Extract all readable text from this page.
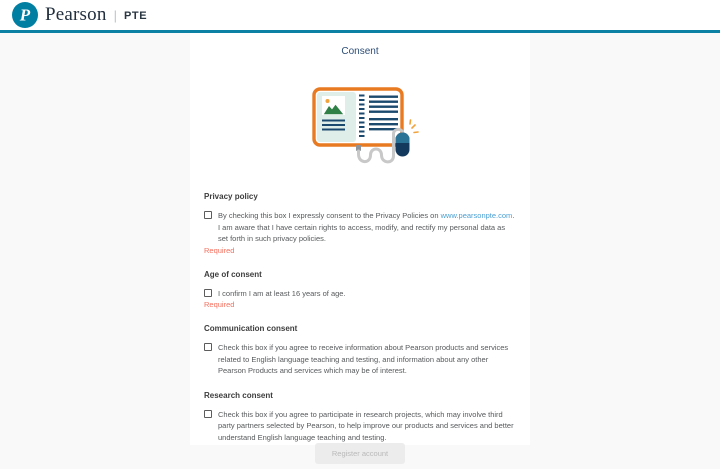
P Pearson | PTE
Consent
Privacy policy
By checking this box I expressly consent to the Privacy Policies on www.pearsonpte.com. I am aware that I have certain rights to access, modify, and rectify my personal data as set forth in such privacy policies.
Required
Age of consent
I confirm I am at least 16 years of age.
Required
Communication consent
Check this box if you agree to receive information about Pearson products and services related to English language teaching and testing, and information about any other Pearson Products and services which may be of interest.
Research consent
Check this box if you agree to participate in research projects, which may involve third party partners selected by Pearson, to help improve our products and services and better understand English language teaching and testing.
Register account
